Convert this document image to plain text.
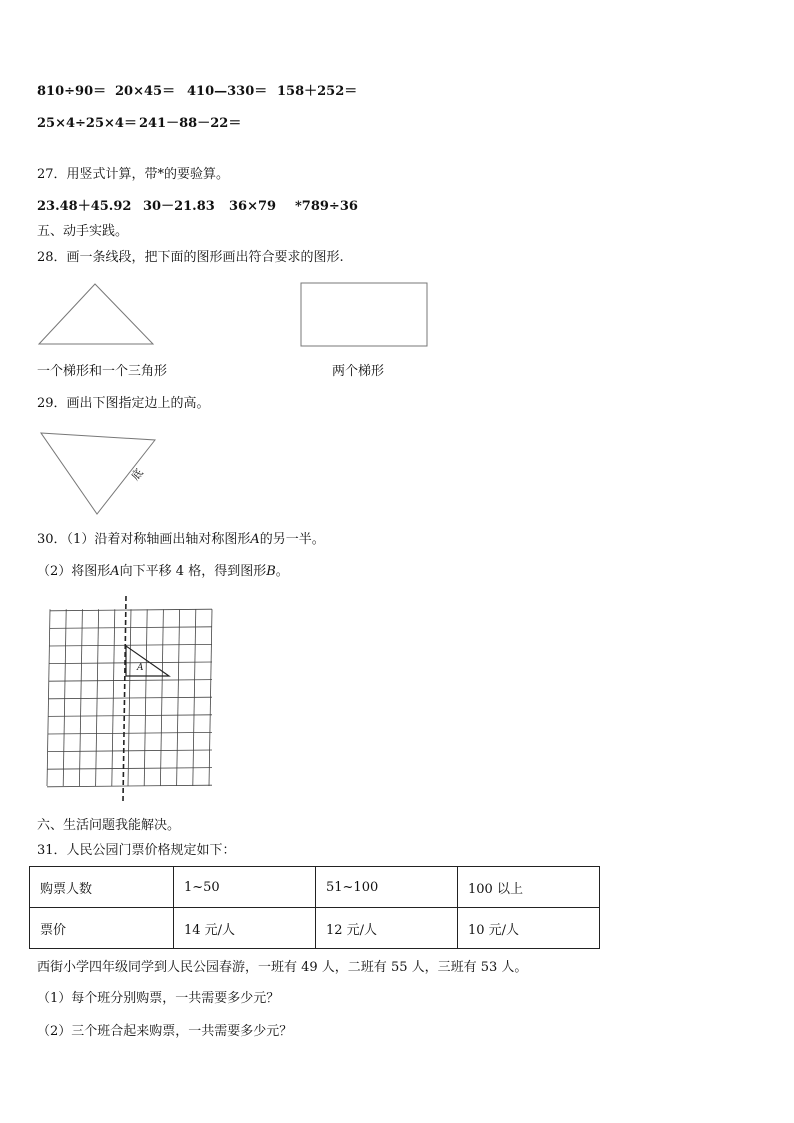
810÷90＝ 20×45＝ 410—330＝ 158＋252＝
25×4÷25×4＝ 241－88－22＝
27．用竖式计算，带*的要验算。
23.48＋45.92 30－21.83 36×79 *789÷36
五、动手实践。
28．画一条线段，把下面的图形画出符合要求的图形.
一个梯形和一个三角形	两个梯形
29．画出下图指定边上的高。
底
30．（1）沿着对称轴画出轴对称图形A的另一半。
（2）将图形A向下平移 4 格，得到图形B。
A
六、生活问题我能解决。
31．人民公园门票价格规定如下：
购票人数	1~50	51~100	100 以上
票价	14 元/人	12 元/人	10 元/人
西街小学四年级同学到人民公园春游，一班有 49 人，二班有 55 人，三班有 53 人。
（1）每个班分别购票，一共需要多少元？
（2）三个班合起来购票，一共需要多少元？
